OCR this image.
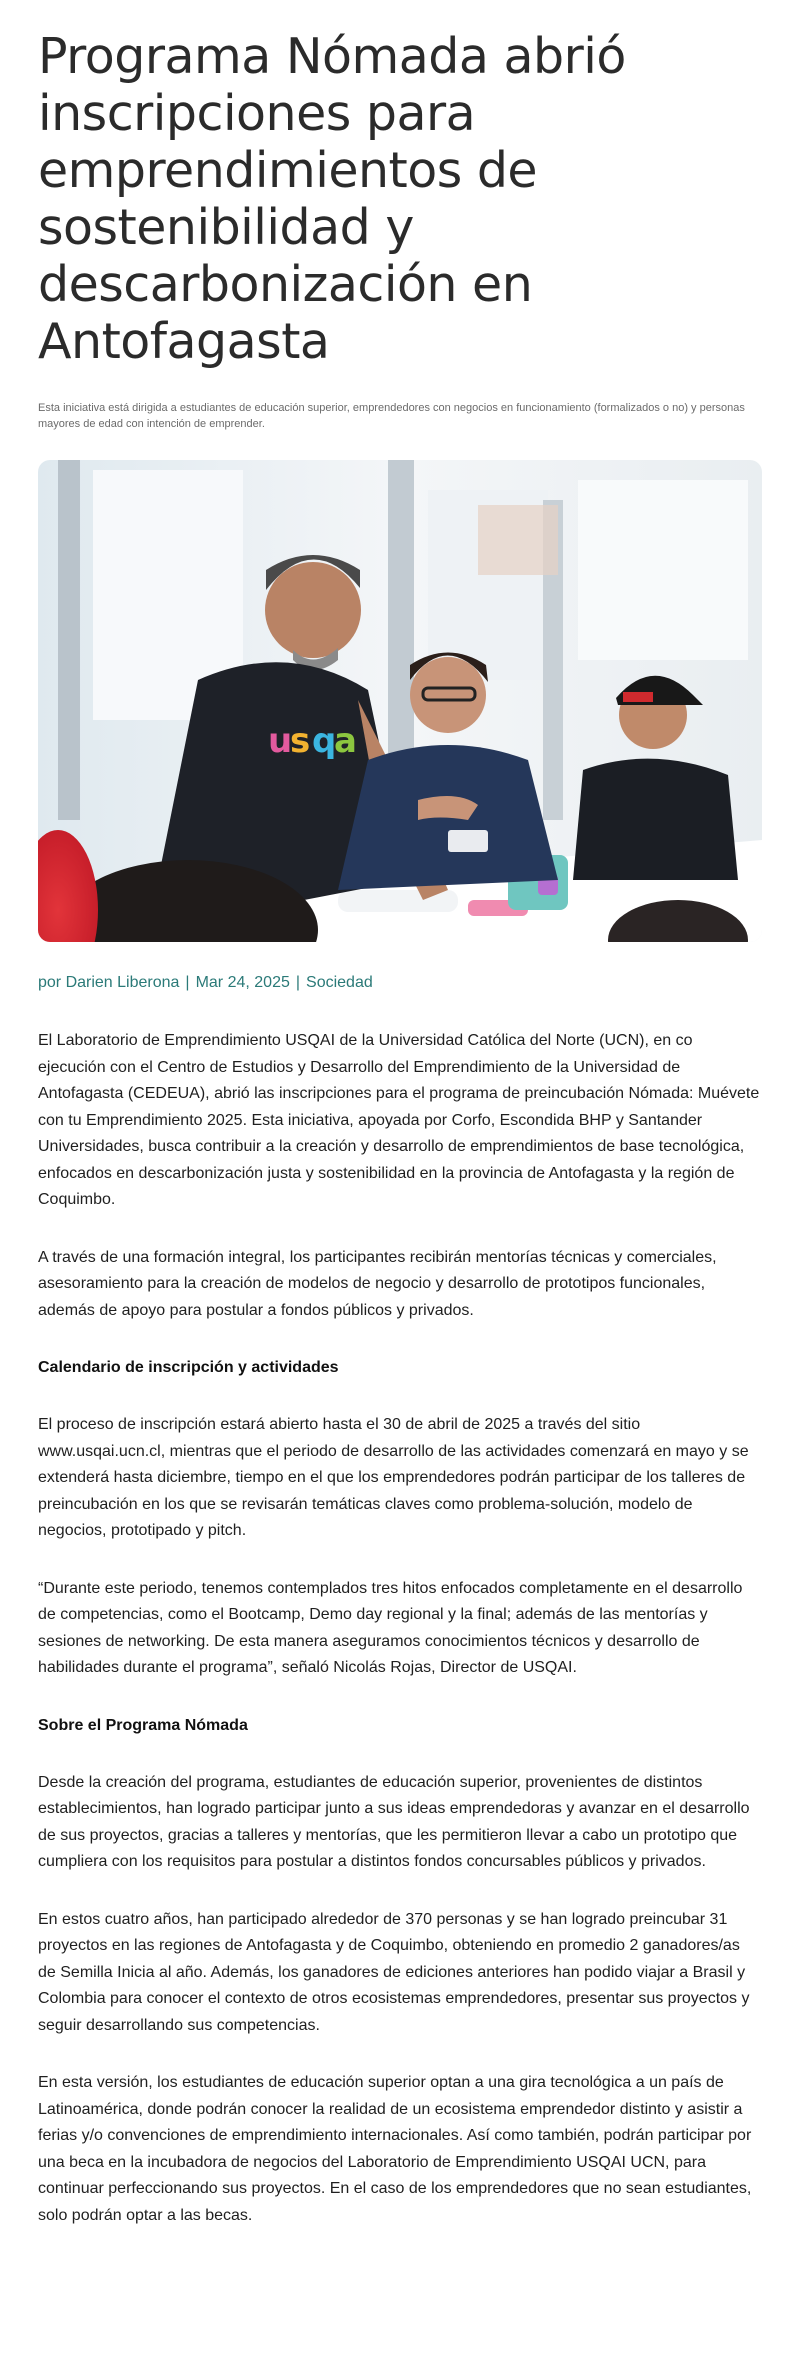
Programa Nómada abrió inscripciones para emprendimientos de sostenibilidad y descarbonización en Antofagasta

Esta iniciativa está dirigida a estudiantes de educación superior, emprendedores con negocios en funcionamiento (formalizados o no) y personas mayores de edad con intención de emprender.

u
s q
a
por Darien Liberona | Mar 24, 2025 | Sociedad

El Laboratorio de Emprendimiento USQAI de la Universidad Católica del Norte (UCN), en co ejecución con el Centro de Estudios y Desarrollo del Emprendimiento de la Universidad de Antofagasta (CEDEUA), abrió las inscripciones para el programa de preincubación Nómada: Muévete con tu Emprendimiento 2025. Esta iniciativa, apoyada por Corfo, Escondida BHP y Santander Universidades, busca contribuir a la creación y desarrollo de emprendimientos de base tecnológica, enfocados en descarbonización justa y sostenibilidad en la provincia de Antofagasta y la región de Coquimbo.

A través de una formación integral, los participantes recibirán mentorías técnicas y comerciales, asesoramiento para la creación de modelos de negocio y desarrollo de prototipos funcionales, además de apoyo para postular a fondos públicos y privados.

Calendario de inscripción y actividades

El proceso de inscripción estará abierto hasta el 30 de abril de 2025 a través del sitio www.usqai.ucn.cl, mientras que el periodo de desarrollo de las actividades comenzará en mayo y se extenderá hasta diciembre, tiempo en el que los emprendedores podrán participar de los talleres de preincubación en los que se revisarán temáticas claves como problema-solución, modelo de negocios, prototipado y pitch.

“Durante este periodo, tenemos contemplados tres hitos enfocados completamente en el desarrollo de competencias, como el Bootcamp, Demo day regional y la final; además de las mentorías y sesiones de networking. De esta manera aseguramos conocimientos técnicos y desarrollo de habilidades durante el programa”, señaló Nicolás Rojas, Director de USQAI.

Sobre el Programa Nómada

Desde la creación del programa, estudiantes de educación superior, provenientes de distintos establecimientos, han logrado participar junto a sus ideas emprendedoras y avanzar en el desarrollo de sus proyectos, gracias a talleres y mentorías, que les permitieron llevar a cabo un prototipo que cumpliera con los requisitos para postular a distintos fondos concursables públicos y privados.

En estos cuatro años, han participado alrededor de 370 personas y se han logrado preincubar 31 proyectos en las regiones de Antofagasta y de Coquimbo, obteniendo en promedio 2 ganadores/as de Semilla Inicia al año. Además, los ganadores de ediciones anteriores han podido viajar a Brasil y Colombia para conocer el contexto de otros ecosistemas emprendedores, presentar sus proyectos y seguir desarrollando sus competencias.

En esta versión, los estudiantes de educación superior optan a una gira tecnológica a un país de Latinoamérica, donde podrán conocer la realidad de un ecosistema emprendedor distinto y asistir a ferias y/o convenciones de emprendimiento internacionales. Así como también, podrán participar por una beca en la incubadora de negocios del Laboratorio de Emprendimiento USQAI UCN, para continuar perfeccionando sus proyectos. En el caso de los emprendedores que no sean estudiantes, solo podrán optar a las becas.
